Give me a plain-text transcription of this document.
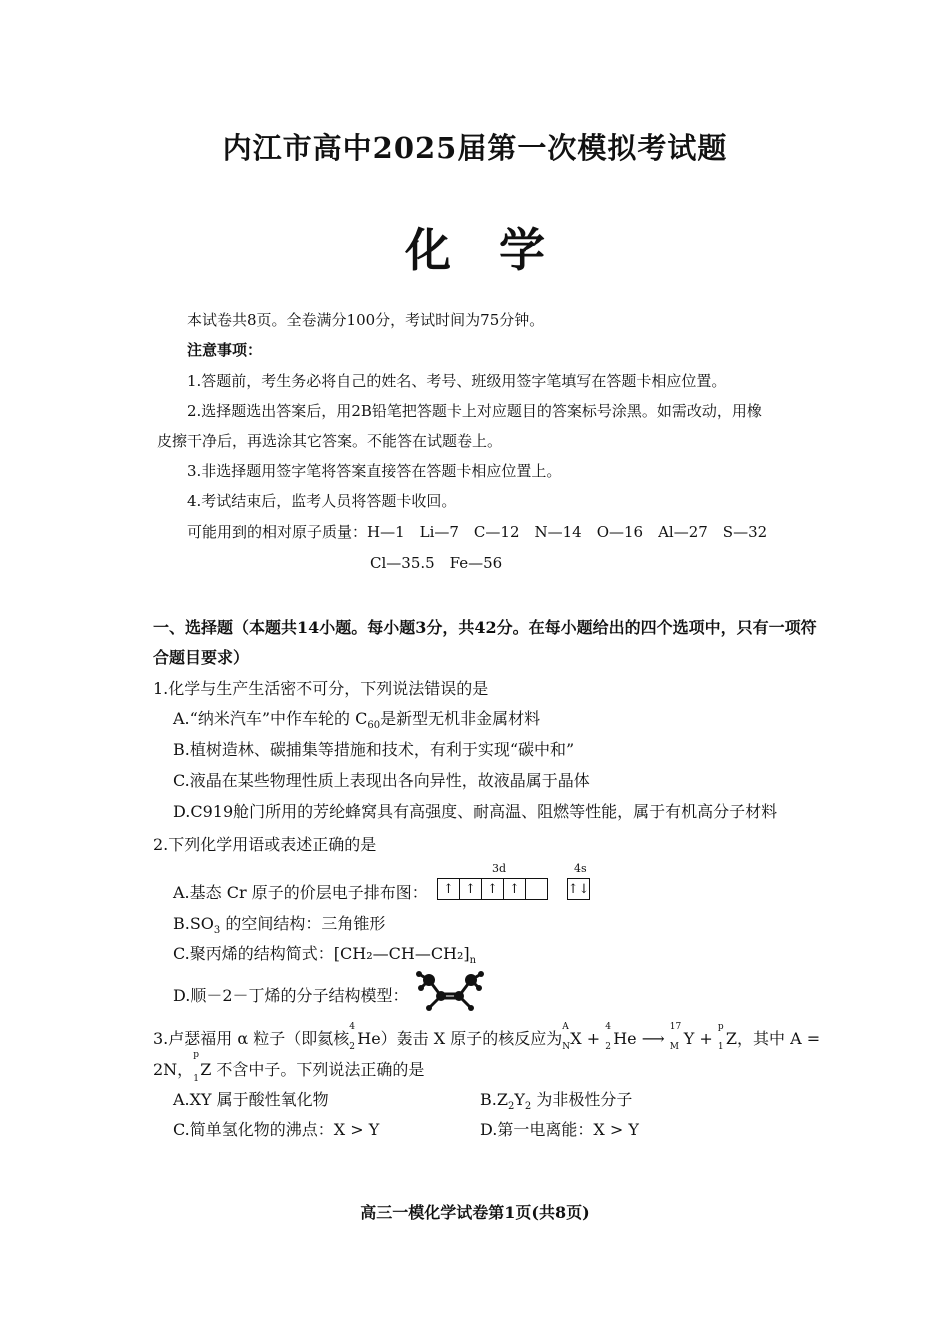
内江市高中2025届第一次模拟考试题
化学
本试卷共8页。全卷满分100分，考试时间为75分钟。
注意事项：
1.答题前，考生务必将自己的姓名、考号、班级用签字笔填写在答题卡相应位置。
2.选择题选出答案后，用2B铅笔把答题卡上对应题目的答案标号涂黑。如需改动，用橡
皮擦干净后，再选涂其它答案。不能答在试题卷上。
3.非选择题用签字笔将答案直接答在答题卡相应位置上。
4.考试结束后，监考人员将答题卡收回。
可能用到的相对原子质量：H—1　Li—7　C—12　N—14　O—16　Al—27　S—32
Cl—35.5　Fe—56
一、选择题（本题共14小题。每小题3分，共42分。在每小题给出的四个选项中，只有一项符
合题目要求）
1.化学与生产生活密不可分，下列说法错误的是
A.“纳米汽车”中作车轮的 $C_{60}$是新型无机非金属材料
B.植树造林、碳捕集等措施和技术，有利于实现“碳中和”
C.液晶在某些物理性质上表现出各向异性，故液晶属于晶体
D.C919舱门所用的芳纶蜂窝具有高强度、耐高温、阻燃等性能，属于有机高分子材料
2.下列化学用语或表述正确的是
3d	4s
A.基态 Cr 原子的价层电子排布图：	↑ ↑ ↑ ↑	↑↓
$B.SO_3$ 的空间结构：三角锥形
C.聚丙烯的结构简式：$[CH_2—CH—CH_2]_n$
D.顺－2－丁烯的分子结构模型：
3.卢瑟福用 α 粒子（即氦核
4
2 He）轰击 X 原子的核反应为
A
N X +
4
2 He ⟶
17
M Y +
p
1 Z，其中 A =
2N，
p
1 Z 不含中子。下列说法正确的是
A.XY 属于酸性氧化物	$B.Z_2Y_2$ 为非极性分子
C.简单氢化物的沸点：X > Y	D.第一电离能：X > Y
高三一模化学试卷第1页(共8页)
